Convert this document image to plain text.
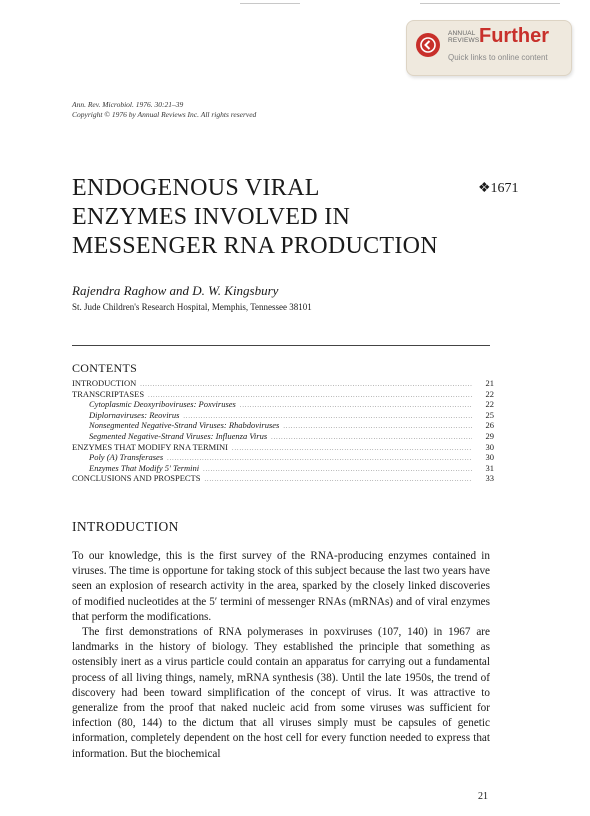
ANNUAL
REVIEWS Further
Quick links to online content
Ann. Rev. Microbiol. 1976. 30:21–39
Copyright © 1976 by Annual Reviews Inc. All rights reserved
ENDOGENOUS VIRAL
ENZYMES INVOLVED IN
MESSENGER RNA PRODUCTION
❖1671
Rajendra Raghow and D. W. Kingsbury
St. Jude Children's Research Hospital, Memphis, Tennessee 38101
CONTENTS
INTRODUCTION .....	21
TRANSCRIPTASES .....	22
Cytoplasmic Deoxyriboviruses: Poxviruses .....	22
Diplornaviruses: Reovirus .....	25
Nonsegmented Negative-Strand Viruses: Rhabdoviruses .....	26
Segmented Negative-Strand Viruses: Influenza Virus .....	29
ENZYMES THAT MODIFY RNA TERMINI .....	30
Poly (A) Transferases .....	30
Enzymes That Modify 5′ Termini .....	31
CONCLUSIONS AND PROSPECTS .....	33
INTRODUCTION

To our knowledge, this is the first survey of the RNA-producing enzymes contained in viruses. The time is opportune for taking stock of this subject because the last two years have seen an explosion of research activity in the area, sparked by the closely linked discoveries of modified nucleotides at the 5′ termini of messenger RNAs (mRNAs) and of viral enzymes that perform the modifications.

The first demonstrations of RNA polymerases in poxviruses (107, 140) in 1967 are landmarks in the history of biology. They established the principle that something as ostensibly inert as a virus particle could contain an apparatus for carrying out a fundamental process of all living things, namely, mRNA synthesis (38). Until the late 1950s, the trend of discovery had been toward simplification of the concept of virus. It was attractive to generalize from the proof that naked nucleic acid from some viruses was sufficient for infection (80, 144) to the dictum that all viruses simply must be capsules of genetic information, completely dependent on the host cell for every function needed to express that information. But the biochemical

21
